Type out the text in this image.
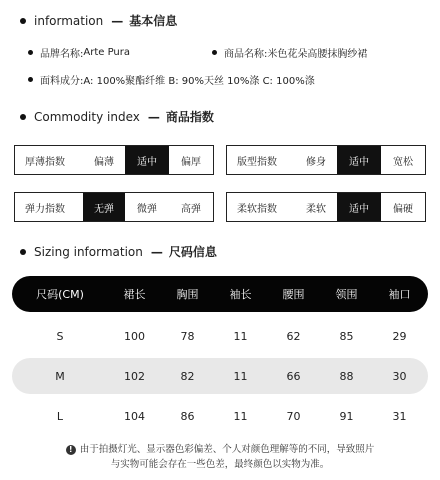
information — 基本信息
品牌名称: Arte Pura	商品名称: 米色花朵高腰抹胸纱裙
面料成分: A: 100%聚酯纤维 B: 90%天丝 10%涤 C: 100%涤
Commodity index — 商品指数
厚薄指数	偏薄	适中	偏厚	版型指数	修身	适中	宽松
弹力指数	无弹	微弹	高弹	柔软指数	柔软	适中	偏硬
Sizing information — 尺码信息
尺码(CM)	裙长	胸围	袖长	腰围	领围	袖口
S	100	78	11	62	85	29
M	102	82	11	66	88	30
L	104	86	11	70	91	31
! 由于拍摄灯光、显示器色彩偏差、个人对颜色理解等的不同，导致照片
与实物可能会存在一些色差，最终颜色以实物为准。
